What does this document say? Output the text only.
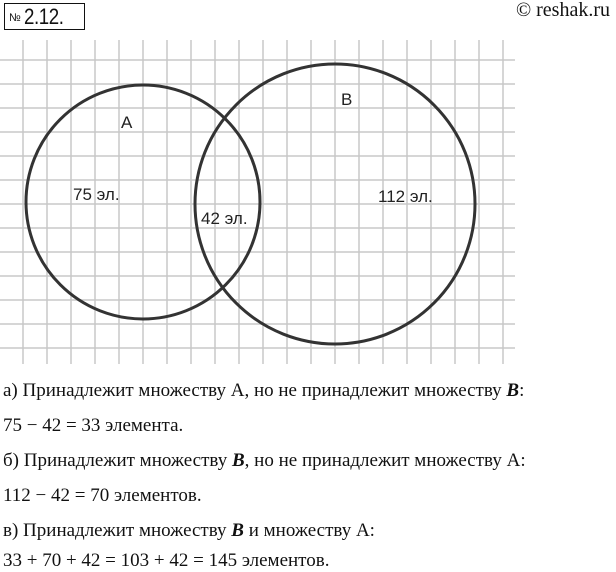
№ 2.12.	© reshak.ru
A
B
75 эл.	112 эл.
42 эл.
а) Принадлежит множеству A, но не принадлежит множеству B:
75 − 42 = 33 элемента.
б) Принадлежит множеству B, но не принадлежит множеству A:
112 − 42 = 70 элементов.
в) Принадлежит множеству B и множеству A:
33 + 70 + 42 = 103 + 42 = 145 элементов.
